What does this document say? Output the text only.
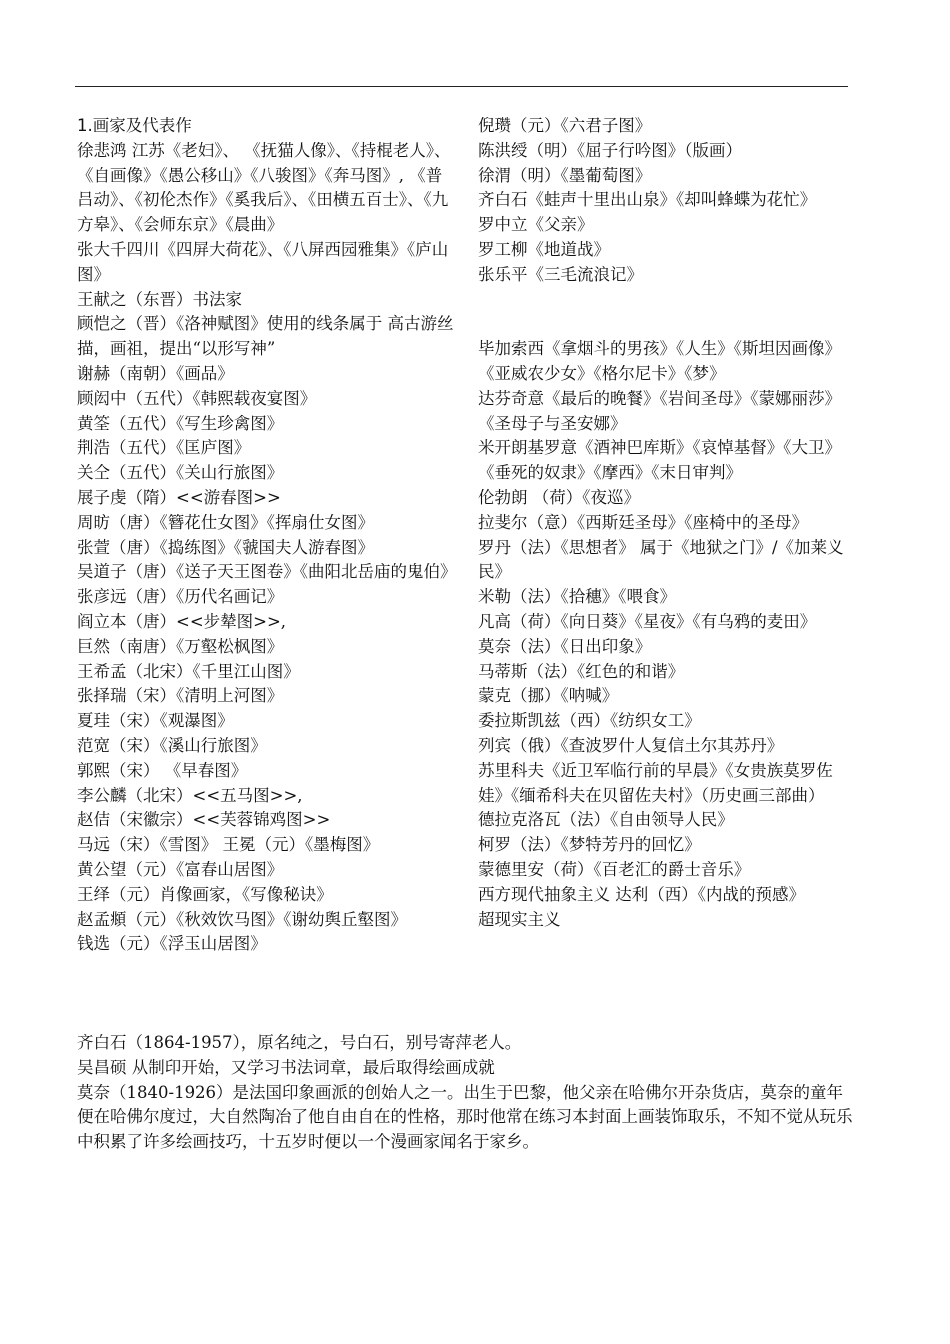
1.画家及代表作

徐悲鸿 江苏《老妇》、 《抚猫人像》、《持棍老人》、《自画像》《愚公移山》《八骏图》《奔马图》, 《普吕动》、《初伦杰作》《奚我后》、《田横五百士》、《九方皋》、《会师东京》《晨曲》

张大千四川《四屏大荷花》、《八屏西园雅集》《庐山图》

王献之（东晋）书法家

顾恺之（晋）《洛神赋图》使用的线条属于 高古游丝描，画祖，提出“以形写神”

谢赫（南朝）《画品》

顾闳中（五代）《韩熙载夜宴图》

黄筌（五代）《写生珍禽图》

荆浩（五代）《匡庐图》

关仝（五代）《关山行旅图》

展子虔（隋）<<游春图>>

周昉（唐）《簪花仕女图》《挥扇仕女图》

张萱（唐）《捣练图》《虢国夫人游春图》

吴道子（唐）《送子天王图卷》《曲阳北岳庙的鬼伯》

张彦远（唐）《历代名画记》

阎立本（唐）<<步辇图>>,

巨然（南唐）《万壑松枫图》

王希孟（北宋）《千里江山图》

张择瑞（宋）《清明上河图》

夏珪（宋）《观瀑图》

范宽（宋）《溪山行旅图》

郭熙（宋） 《早春图》

李公麟（北宋）<<五马图>>,

赵佶（宋徽宗）<<芙蓉锦鸡图>>

马远（宋）《雪图》 王冕（元）《墨梅图》

黄公望（元）《富春山居图》

王绎（元）肖像画家，《写像秘诀》

赵孟頫（元）《秋效饮马图》《谢幼舆丘壑图》

钱选（元）《浮玉山居图》

倪瓒（元）《六君子图》

陈洪绶（明）《屈子行吟图》（版画）

徐渭（明）《墨葡萄图》

齐白石《蛙声十里出山泉》《却叫蜂蝶为花忙》

罗中立《父亲》

罗工柳《地道战》

张乐平《三毛流浪记》

毕加索西《拿烟斗的男孩》《人生》《斯坦因画像》 《亚威农少女》《格尔尼卡》《梦》

达芬奇意《最后的晚餐》《岩间圣母》《蒙娜丽莎》《圣母子与圣安娜》

米开朗基罗意《酒神巴库斯》《哀悼基督》《大卫》《垂死的奴隶》《摩西》《末日审判》

伦勃朗 （荷）《夜巡》

拉斐尔（意）《西斯廷圣母》《座椅中的圣母》

罗丹（法）《思想者》 属于《地狱之门》/《加莱义民》

米勒（法）《拾穗》《喂食》

凡高（荷）《向日葵》《星夜》《有乌鸦的麦田》

莫奈（法）《日出印象》

马蒂斯（法）《红色的和谐》

蒙克（挪）《呐喊》

委拉斯凯兹（西）《纺织女工》

列宾（俄）《查波罗什人复信土尔其苏丹》

苏里科夫《近卫军临行前的早晨》《女贵族莫罗佐娃》《缅希科夫在贝留佐夫村》（历史画三部曲）

德拉克洛瓦（法）《自由领导人民》

柯罗（法）《梦特芳丹的回忆》

蒙德里安（荷）《百老汇的爵士音乐》

西方现代抽象主义 达利（西）《内战的预感》

超现实主义

齐白石（1864-1957），原名纯之，号白石，别号寄萍老人。

吴昌硕 从制印开始，又学习书法词章，最后取得绘画成就

莫奈（1840-1926）是法国印象画派的创始人之一。出生于巴黎，他父亲在哈佛尔开杂货店，莫奈的童年便在哈佛尔度过，大自然陶冶了他自由自在的性格，那时他常在练习本封面上画装饰取乐，不知不觉从玩乐中积累了许多绘画技巧，十五岁时便以一个漫画家闻名于家乡。
